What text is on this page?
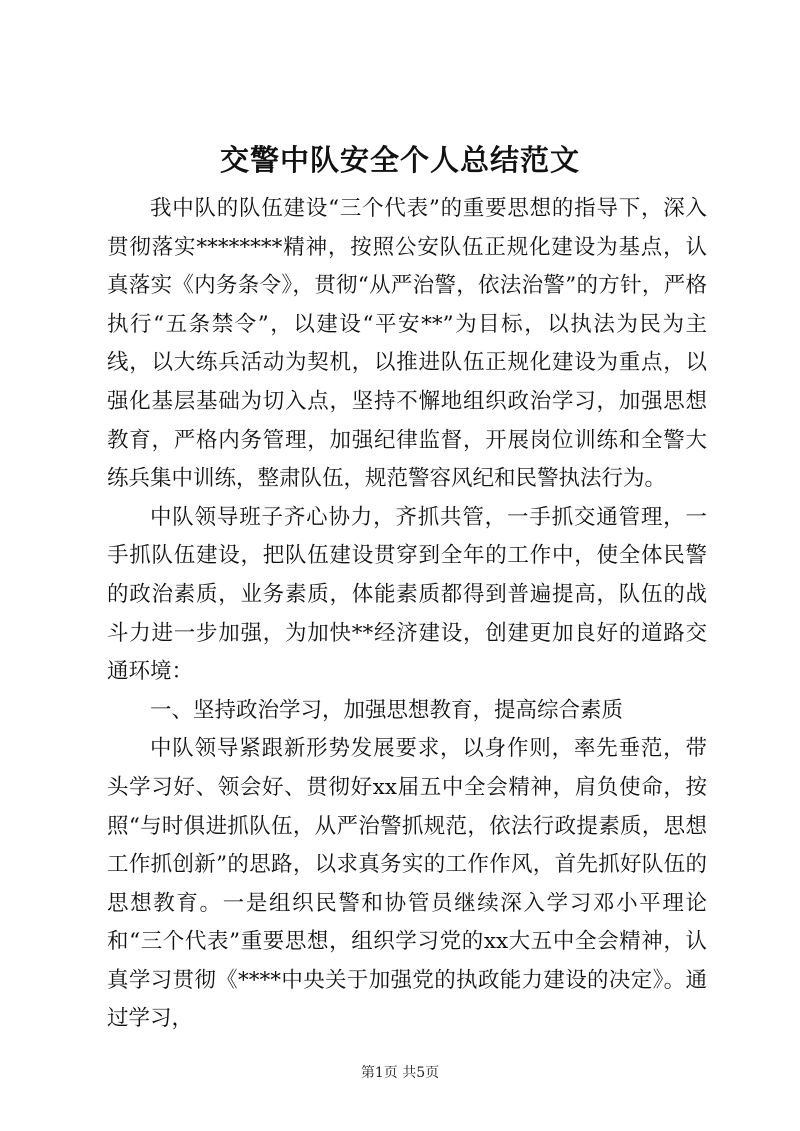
交警中队安全个人总结范文

我中队的队伍建设“三个代表”的重要思想的指导下，深入贯彻落实********精神，按照公安队伍正规化建设为基点，认真落实《内务条令》，贯彻“从严治警，依法治警”的方针，严格执行“五条禁令”，以建设“平安**”为目标，以执法为民为主线，以大练兵活动为契机，以推进队伍正规化建设为重点，以强化基层基础为切入点，坚持不懈地组织政治学习，加强思想教育，严格内务管理，加强纪律监督，开展岗位训练和全警大练兵集中训练，整肃队伍，规范警容风纪和民警执法行为。

中队领导班子齐心协力，齐抓共管，一手抓交通管理，一手抓队伍建设，把队伍建设贯穿到全年的工作中，使全体民警的政治素质，业务素质，体能素质都得到普遍提高，队伍的战斗力进一步加强，为加快**经济建设，创建更加良好的道路交通环境：

一、坚持政治学习，加强思想教育，提高综合素质

中队领导紧跟新形势发展要求，以身作则，率先垂范，带头学习好、领会好、贯彻好xx届五中全会精神，肩负使命，按照“与时俱进抓队伍，从严治警抓规范，依法行政提素质，思想工作抓创新”的思路，以求真务实的工作作风，首先抓好队伍的思想教育。一是组织民警和协管员继续深入学习邓小平理论和“三个代表”重要思想，组织学习党的xx大五中全会精神，认真学习贯彻《****中央关于加强党的执政能力建设的决定》。通过学习，

第1页 共5页
